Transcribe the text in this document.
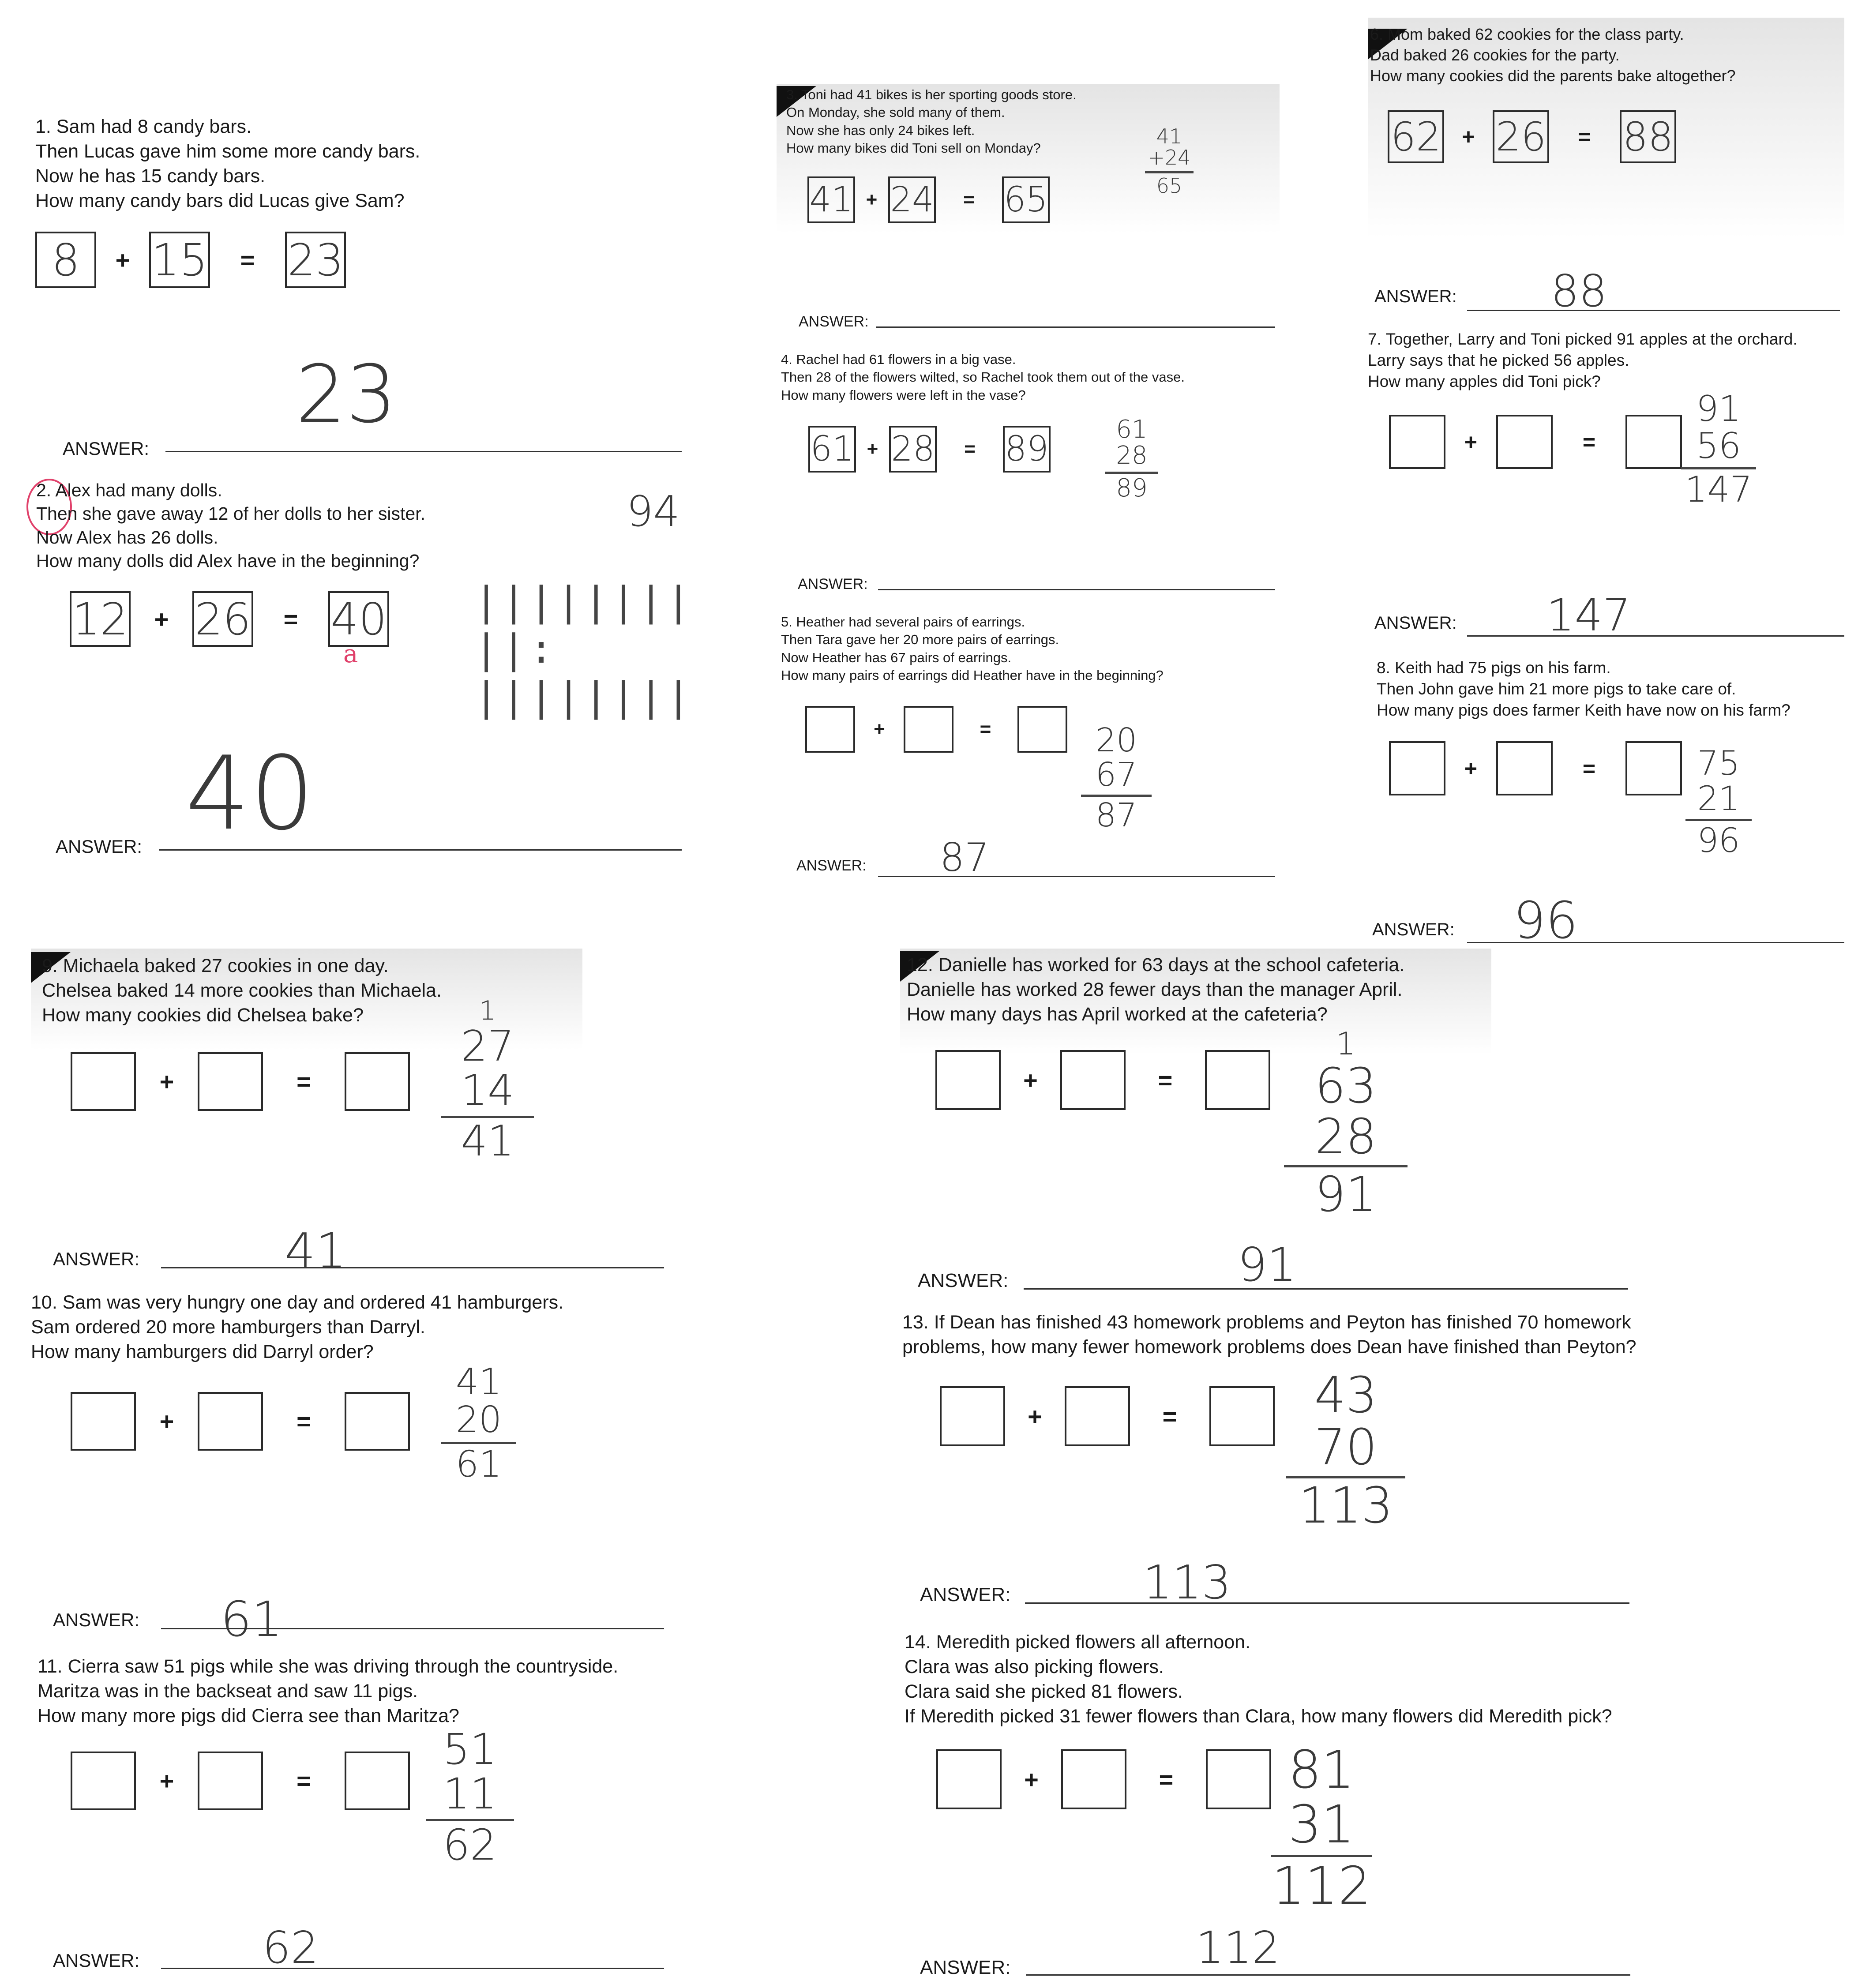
1. Sam had 8 candy bars.
Then Lucas gave him some more candy bars.
Now he has 15 candy bars.
How many candy bars did Lucas give Sam?
8	+ 15	= 23
23
ANSWER:
2. Alex had many dolls.
Then she gave away 12 of her dolls to her sister.
Now Alex has 26 dolls.
How many dolls did Alex have in the beginning?
94
12	+ 26	= 40
a
|||||||| ||:
||||||||
40
ANSWER:
3. Toni had 41 bikes is her sporting goods store.
On Monday, she sold many of them.
Now she has only 24 bikes left.
How many bikes did Toni sell on Monday?
41 + 24	= 65
41
+24
65
ANSWER:
4. Rachel had 61 flowers in a big vase.
Then 28 of the flowers wilted, so Rachel took them out of the vase.
How many flowers were left in the vase?
61 + 28	= 89	61
28
89
ANSWER:
5. Heather had several pairs of earrings.
Then Tara gave her 20 more pairs of earrings.
Now Heather has 67 pairs of earrings.
How many pairs of earrings did Heather have in the beginning?
+	=	20
67
87
87
ANSWER:
6. Mom baked 62 cookies for the class party.
Dad baked 26 cookies for the party.
How many cookies did the parents bake altogether?
62 + 26	= 88
88
ANSWER:
7. Together, Larry and Toni picked 91 apples at the orchard.
Larry says that he picked 56 apples.
How many apples did Toni pick?
+	=
91
56
147
147
ANSWER:
8. Keith had 75 pigs on his farm.
Then John gave him 21 more pigs to take care of.
How many pigs does farmer Keith have now on his farm?
+	=	75
21
96
96
ANSWER:
9. Michaela baked 27 cookies in one day.
Chelsea baked 14 more cookies than Michaela.
How many cookies did Chelsea bake?
+	=
1
27
14
41
41
ANSWER:
10. Sam was very hungry one day and ordered 41 hamburgers.
Sam ordered 20 more hamburgers than Darryl.
How many hamburgers did Darryl order?
+	=
41
20
61
61
ANSWER:
11. Cierra saw 51 pigs while she was driving through the countryside.
Maritza was in the backseat and saw 11 pigs.
How many more pigs did Cierra see than Maritza?
+	=
51
11
62
62
ANSWER:
12. Danielle has worked for 63 days at the school cafeteria.
Danielle has worked 28 fewer days than the manager April.
How many days has April worked at the cafeteria?
+	=
1
63
28
91
91
ANSWER:
13. If Dean has finished 43 homework problems and Peyton has finished 70 homework
problems, how many fewer homework problems does Dean have finished than Peyton?
+	=	43
70
113
113
ANSWER:
14. Meredith picked flowers all afternoon.
Clara was also picking flowers.
Clara said she picked 81 flowers.
If Meredith picked 31 fewer flowers than Clara, how many flowers did Meredith pick?
+	=	81
31
112
112
ANSWER:
